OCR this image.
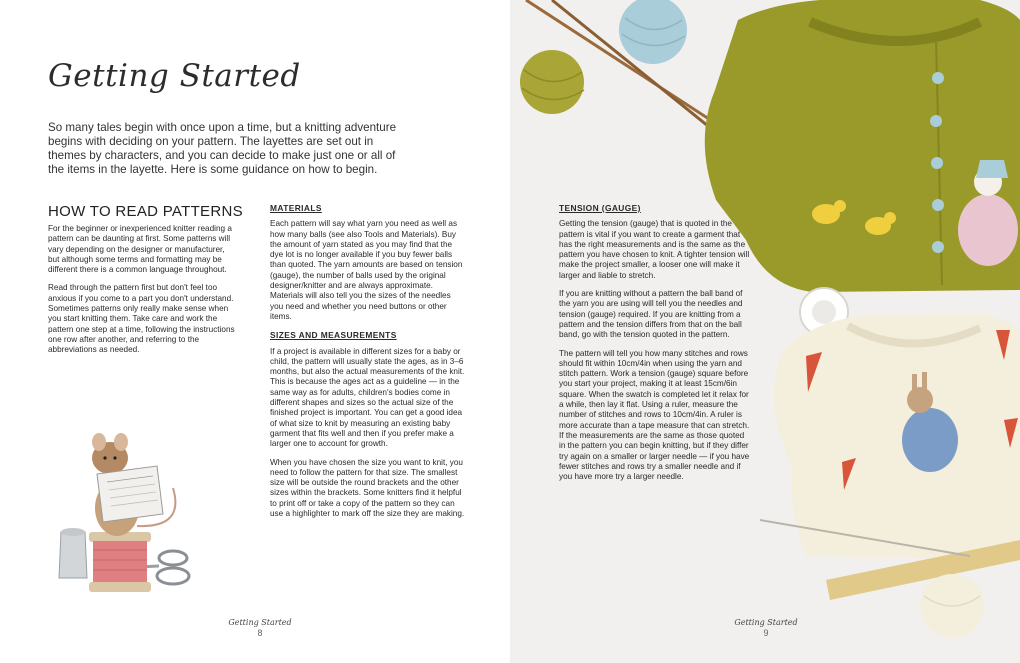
Getting Started
So many tales begin with once upon a time, but a knitting adventure begins with deciding on your pattern. The layettes are set out in themes by characters, and you can decide to make just one or all of the items in the layette. Here is some guidance on how to begin.
HOW TO READ PATTERNS

For the beginner or inexperienced knitter reading a pattern can be daunting at first. Some patterns will vary depending on the designer or manufacturer, but although some terms and formatting may be different there is a common language throughout.

Read through the pattern first but don't feel too anxious if you come to a part you don't understand. Sometimes patterns only really make sense when you start knitting them. Take care and work the pattern one step at a time, following the instructions one row after another, and referring to the abbreviations as needed.

MATERIALS

Each pattern will say what yarn you need as well as how many balls (see also Tools and Materials). Buy the amount of yarn stated as you may find that the dye lot is no longer available if you buy fewer balls than quoted. The yarn amounts are based on tension (gauge), the number of balls used by the original designer/knitter and are always approximate. Materials will also tell you the sizes of the needles you need and whether you need buttons or other items.

SIZES AND MEASUREMENTS

If a project is available in different sizes for a baby or child, the pattern will usually state the ages, as in 3–6 months, but also the actual measurements of the knit. This is because the ages act as a guideline — in the same way as for adults, children's bodies come in different shapes and sizes so the actual size of the finished project is important. You can get a good idea of what size to knit by measuring an existing baby garment that fits well and then if you prefer make a larger one to account for growth.

When you have chosen the size you want to knit, you need to follow the pattern for that size. The smallest size will be outside the round brackets and the other sizes within the brackets. Some knitters find it helpful to print off or take a copy of the pattern so they can use a highlighter to mark off the size they are making.

Getting Started
8
TENSION (GAUGE)

Getting the tension (gauge) that is quoted in the pattern is vital if you want to create a garment that has the right measurements and is the same as the pattern you have chosen to knit. A tighter tension will make the project smaller, a looser one will make it larger and liable to stretch.

If you are knitting without a pattern the ball band of the yarn you are using will tell you the needles and tension (gauge) required. If you are knitting from a pattern and the tension differs from that on the ball band, go with the tension quoted in the pattern.

The pattern will tell you how many stitches and rows should fit within 10cm/4in when using the yarn and stitch pattern. Work a tension (gauge) square before you start your project, making it at least 15cm/6in square. When the swatch is completed let it relax for a while, then lay it flat. Using a ruler, measure the number of stitches and rows to 10cm/4in. A ruler is more accurate than a tape measure that can stretch. If the measurements are the same as those quoted in the pattern you can begin knitting, but if they differ try again on a smaller or larger needle — if you have fewer stitches and rows try a smaller needle and if you have more try a larger needle.

Getting Started
9
